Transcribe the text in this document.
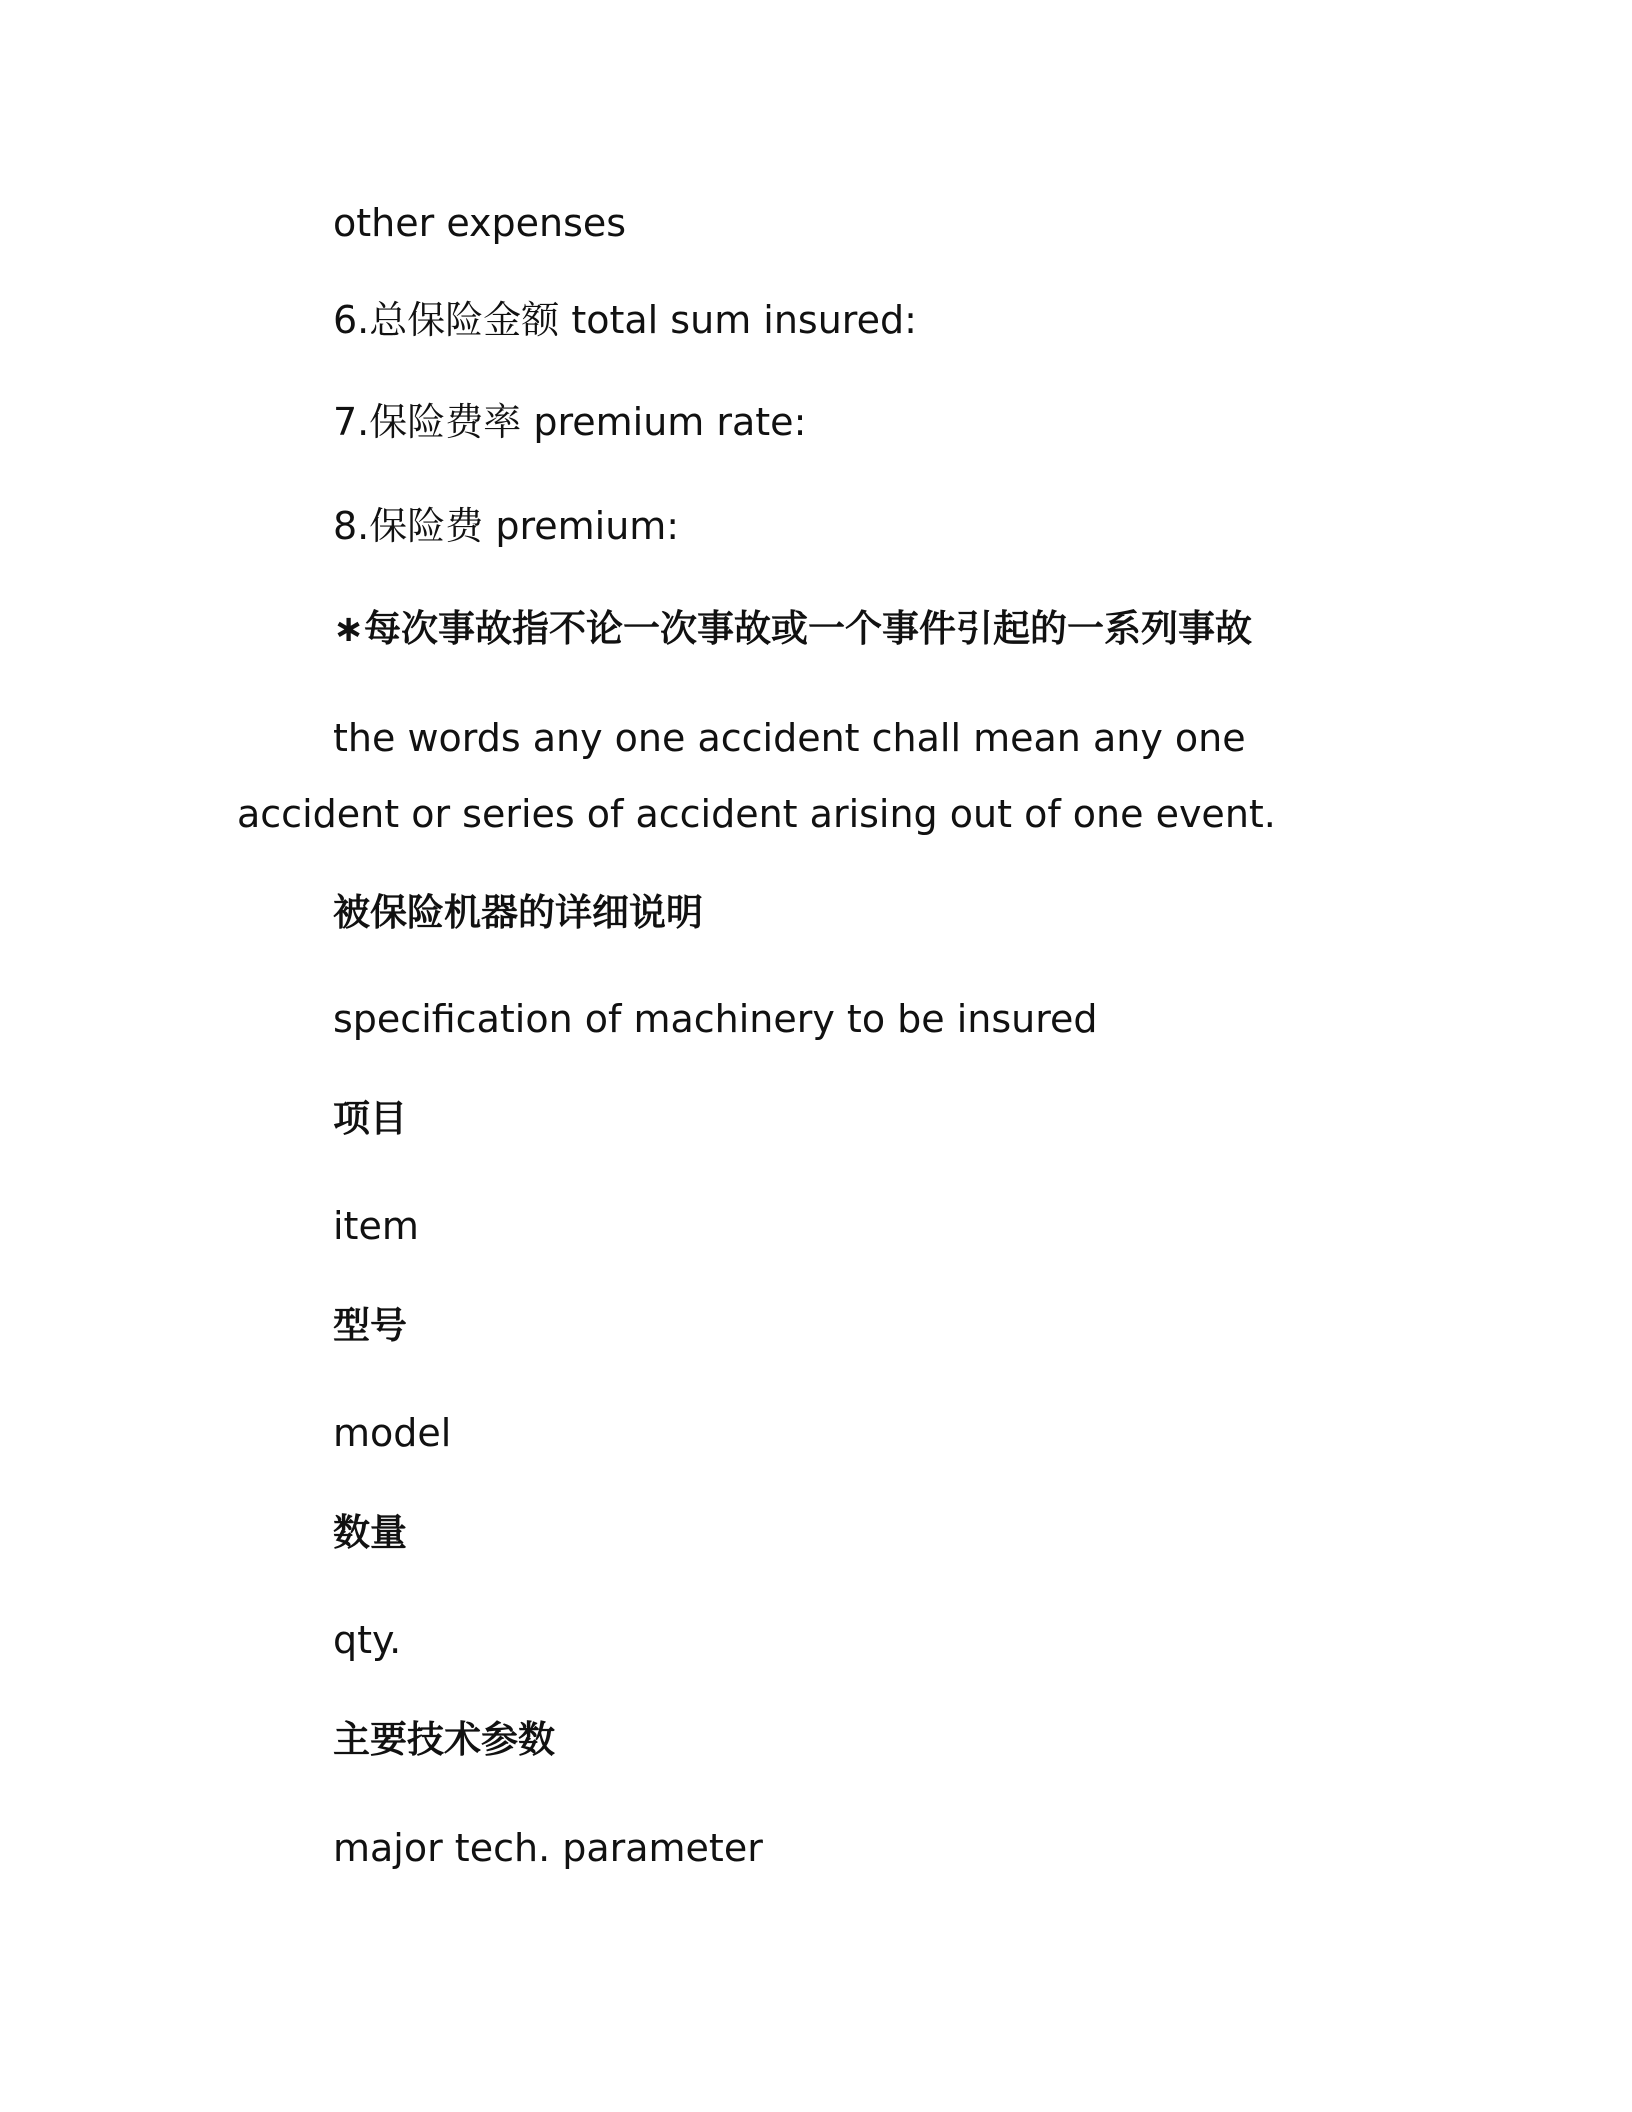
other expenses

6.总保险金额 total sum insured:

7.保险费率 premium rate:

8.保险费 premium:

∗每次事故指不论一次事故或一个事件引起的一系列事故

the words any one accident chall mean any one accident or series of accident arising out of one event.

被保险机器的详细说明

specification of machinery to be insured

项目

item

型号

model

数量

qty.

主要技术参数

major tech. parameter
